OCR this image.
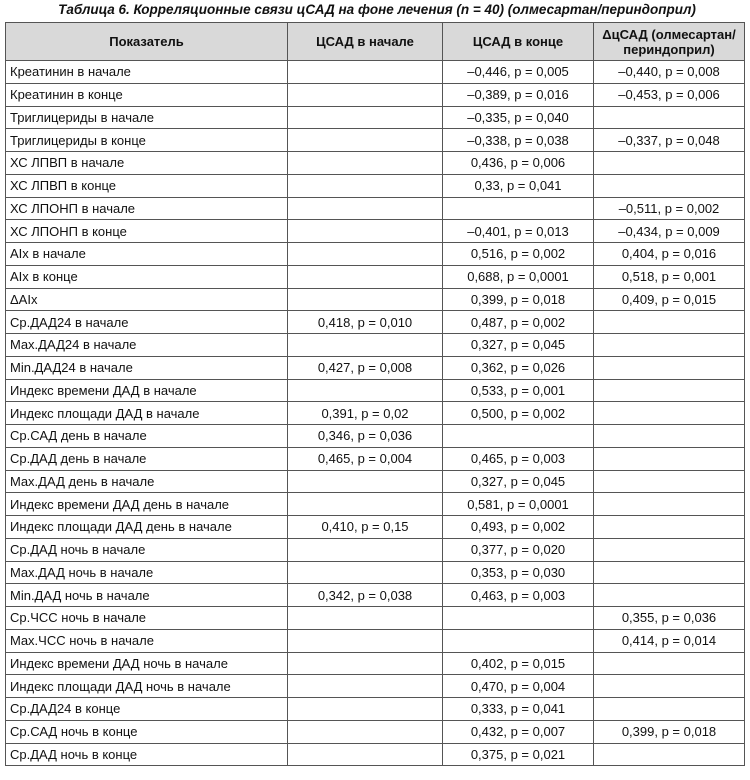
Таблица 6. Корреляционные связи цСАД на фоне лечения (n = 40) (олмесартан/периндоприл)
Показатель	ЦСАД в начале	ЦСАД в конце	ΔцСАД (олмесартан/периндоприл)
Креатинин в начале		–0,446, p = 0,005	–0,440, p = 0,008
Креатинин в конце		–0,389, p = 0,016	–0,453, p = 0,006
Триглицериды в начале		–0,335, p = 0,040	
Триглицериды в конце		–0,338, p = 0,038	–0,337, p = 0,048
ХС ЛПВП в начале		0,436, p = 0,006	
ХС ЛПВП в конце		0,33, p = 0,041	
ХС ЛПОНП в начале			–0,511, p = 0,002
ХС ЛПОНП в конце		–0,401, p = 0,013	–0,434, p = 0,009
AIx в начале		0,516, p = 0,002	0,404, p = 0,016
AIx в конце		0,688, p = 0,0001	0,518, p = 0,001
ΔAIx		0,399, p = 0,018	0,409, p = 0,015
Ср.ДАД24 в начале	0,418, p = 0,010	0,487, p = 0,002	
Max.ДАД24 в начале		0,327, p = 0,045	
Min.ДАД24 в начале	0,427, p = 0,008	0,362, p = 0,026	
Индекс времени ДАД в начале		0,533, p = 0,001	
Индекс площади ДАД в начале	0,391, p = 0,02	0,500, p = 0,002	
Ср.САД день в начале	0,346, p = 0,036		
Ср.ДАД день в начале	0,465, p = 0,004	0,465, p = 0,003	
Max.ДАД день в начале		0,327, p = 0,045	
Индекс времени ДАД день в начале		0,581, p = 0,0001	
Индекс площади ДАД день в начале	0,410, p = 0,15	0,493, p = 0,002	
Ср.ДАД ночь в начале		0,377, p = 0,020	
Max.ДАД ночь в начале		0,353, p = 0,030	
Min.ДАД ночь в начале	0,342, p = 0,038	0,463, p = 0,003	
Ср.ЧСС ночь в начале			0,355, p = 0,036
Max.ЧСС ночь в начале			0,414, p = 0,014
Индекс времени ДАД ночь в начале		0,402, p = 0,015	
Индекс площади ДАД ночь в начале		0,470, p = 0,004	
Ср.ДАД24 в конце		0,333, p = 0,041	
Ср.САД ночь в конце		0,432, p = 0,007	0,399, p = 0,018
Ср.ДАД ночь в конце		0,375, p = 0,021	
